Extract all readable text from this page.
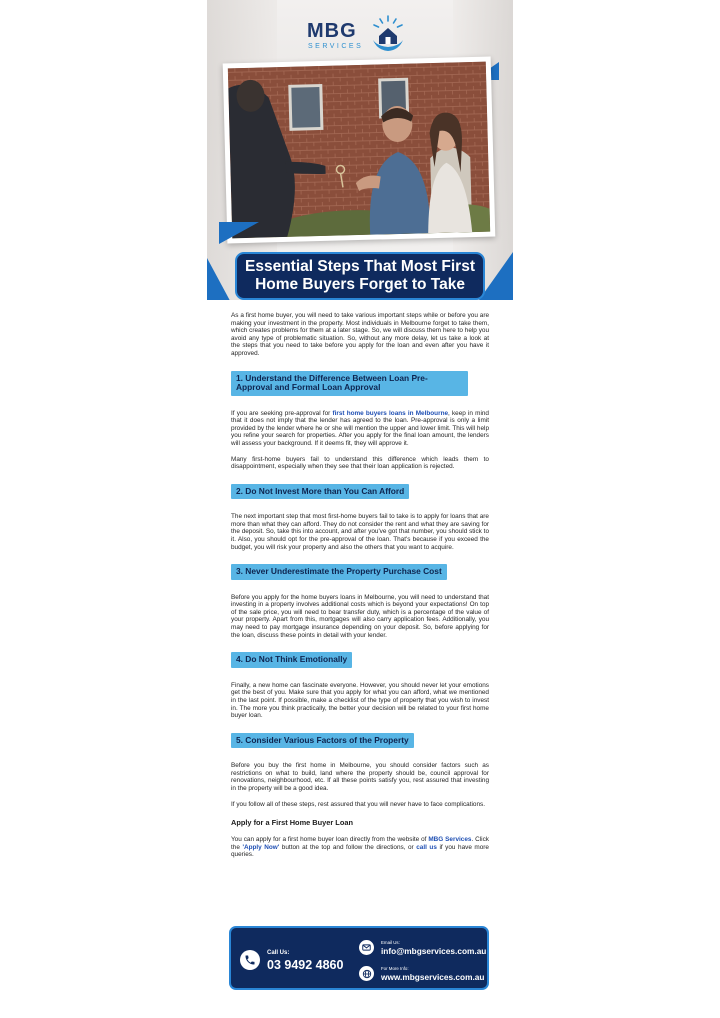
MBG
SERVICES
Essential Steps That Most First Home Buyers Forget to Take

As a first home buyer, you will need to take various important steps while or before you are making your investment in the property. Most individuals in Melbourne forget to take them, which creates problems for them at a later stage. So, we will discuss them here to help you avoid any type of problematic situation. So, without any more delay, let us take a look at the steps that you need to take before you apply for the loan and even after you have it approved.

1. Understand the Difference Between Loan Pre-Approval and Formal Loan Approval

If you are seeking pre-approval for first home buyers loans in Melbourne, keep in mind that it does not imply that the lender has agreed to the loan. Pre-approval is only a limit provided by the lender where he or she will mention the upper and lower limit. This will help you refine your search for properties. After you apply for the final loan amount, the lenders will assess your background. If it deems fit, they will approve it.

Many first-home buyers fail to understand this difference which leads them to disappointment, especially when they see that their loan application is rejected.

2. Do Not Invest More than You Can Afford

The next important step that most first-home buyers fail to take is to apply for loans that are more than what they can afford. They do not consider the rent and what they are saving for the deposit. So, take this into account, and after you've got that number, you should stick to it. Also, you should opt for the pre-approval of the loan. That's because if you exceed the budget, you will risk your property and also the others that you want to acquire.

3. Never Underestimate the Property Purchase Cost

Before you apply for the home buyers loans in Melbourne, you will need to understand that investing in a property involves additional costs which is beyond your expectations! On top of the sale price, you will need to bear transfer duty, which is a percentage of the value of your property. Apart from this, mortgages will also carry application fees. Additionally, you may need to pay mortgage insurance depending on your deposit. So, before applying for the loan, discuss these points in detail with your lender.

4. Do Not Think Emotionally

Finally, a new home can fascinate everyone. However, you should never let your emotions get the best of you. Make sure that you apply for what you can afford, what we mentioned in the last point. If possible, make a checklist of the type of property that you wish to invest in. The more you think practically, the better your decision will be related to your first home buyer loan.

5. Consider Various Factors of the Property

Before you buy the first home in Melbourne, you should consider factors such as restrictions on what to build, land where the property should be, council approval for renovations, neighbourhood, etc. If all these points satisfy you, rest assured that investing in the property will be a good idea.

If you follow all of these steps, rest assured that you will never have to face complications.

Apply for a First Home Buyer Loan

You can apply for a first home buyer loan directly from the website of MBG Services. Click the 'Apply Now' button at the top and follow the directions, or call us if you have more queries.

Call Us:
03 9492 4860
Email Us:
info@mbgservices.com.au
For More Info:
www.mbgservices.com.au
